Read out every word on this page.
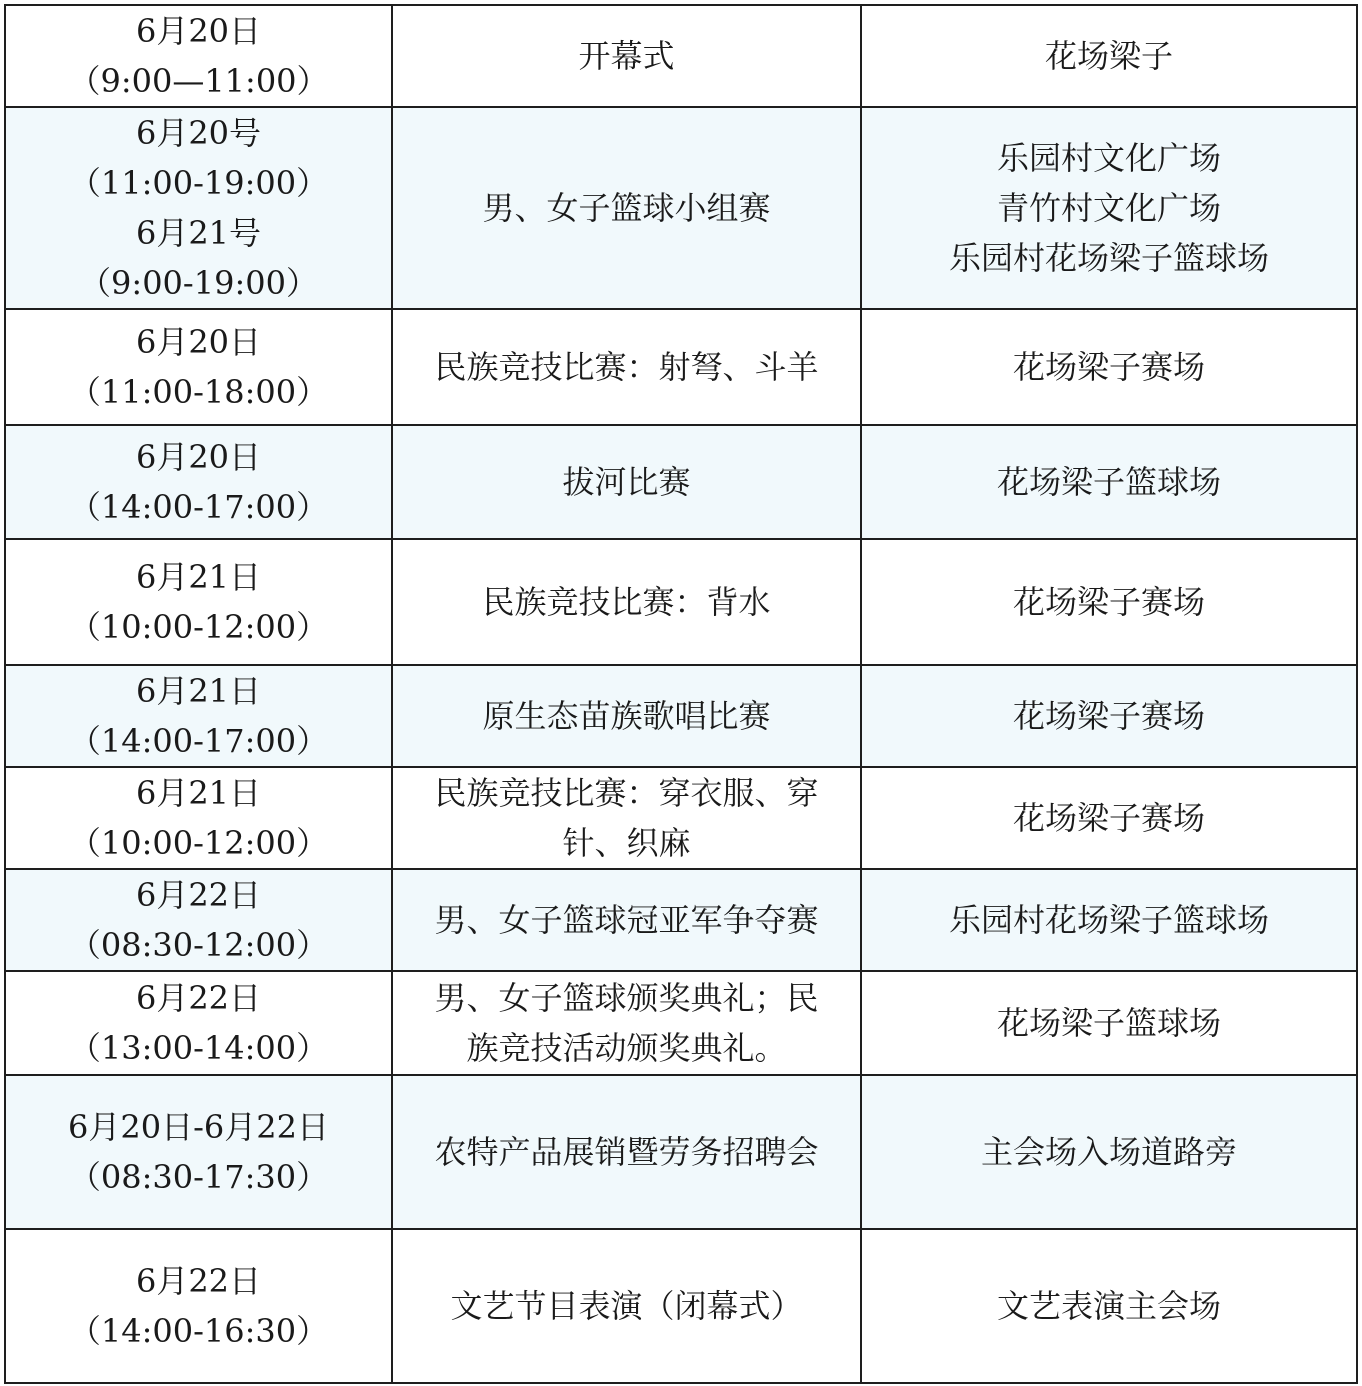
6月20日
（9:00—11:00）	开幕式	花场梁子

6月20号
（11:00-19:00）
6月21号
（9:00-19:00）	男、女子篮球小组赛	乐园村文化广场
青竹村文化广场
乐园村花场梁子篮球场

6月20日
（11:00-18:00）	民族竞技比赛：射弩、斗羊	花场梁子赛场

6月20日
（14:00-17:00）	拔河比赛	花场梁子篮球场

6月21日
（10:00-12:00）	民族竞技比赛：背水	花场梁子赛场

6月21日
（14:00-17:00）	原生态苗族歌唱比赛	花场梁子赛场

6月21日
（10:00-12:00）	民族竞技比赛：穿衣服、穿
针、织麻	花场梁子赛场

6月22日
（08:30-12:00）	男、女子篮球冠亚军争夺赛	乐园村花场梁子篮球场

6月22日
（13:00-14:00）	男、女子篮球颁奖典礼；民
族竞技活动颁奖典礼。	花场梁子篮球场

6月20日-6月22日
（08:30-17:30）	农特产品展销暨劳务招聘会	主会场入场道路旁

6月22日
（14:00-16:30）	文艺节目表演（闭幕式）	文艺表演主会场
